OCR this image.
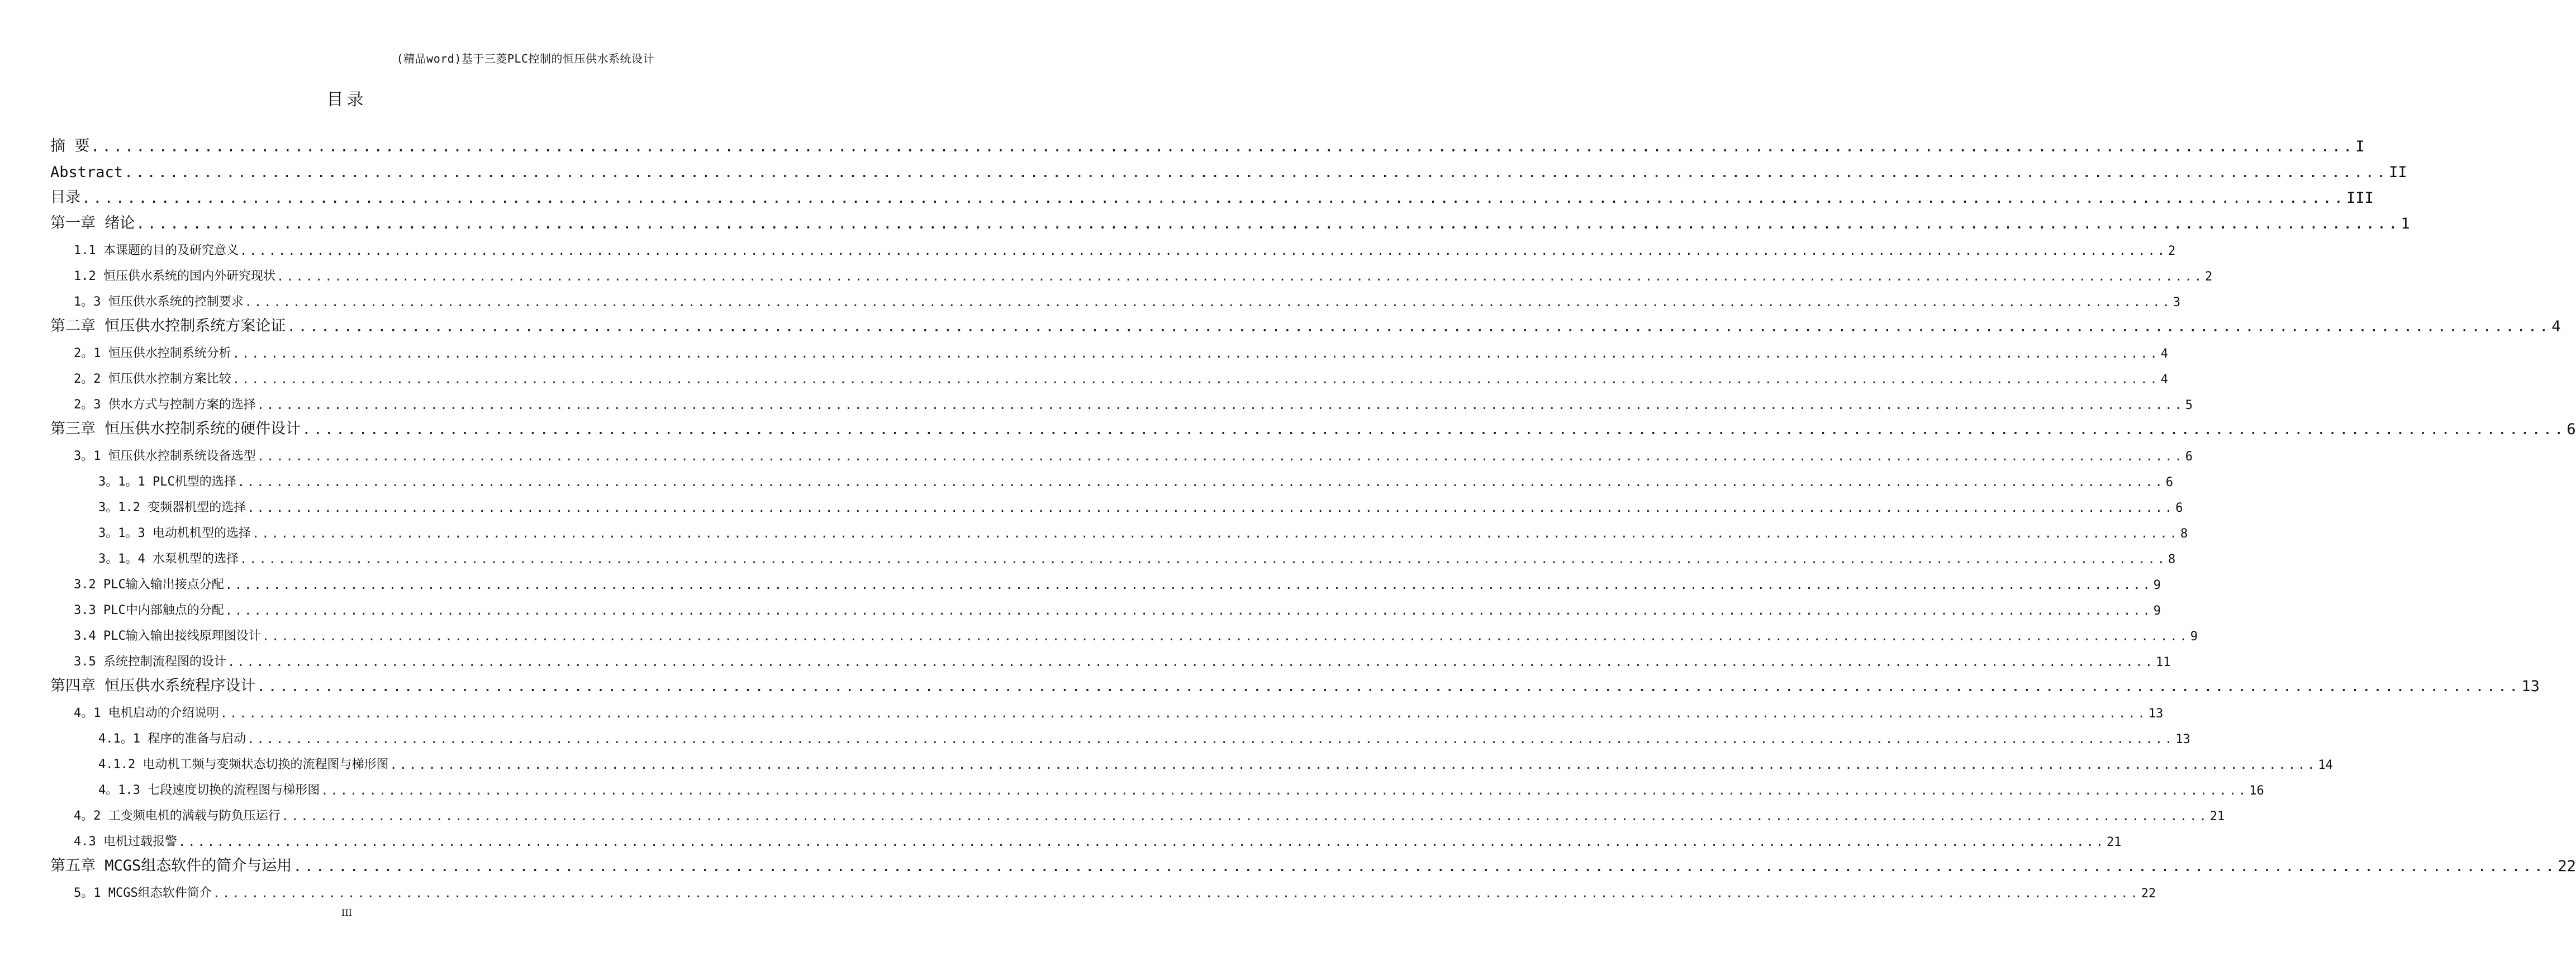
(精品word)基于三菱PLC控制的恒压供水系统设计
目录
摘 要 ........................................................................................................................................................................................................ I
Abstract ........................................................................................................................................................................................................ II
目录 ........................................................................................................................................................................................................ III
第一章 绪论 ........................................................................................................................................................................................................ 1
1.1 本课题的目的及研究意义 ........................................................................................................................................................................................................ 2
1.2 恒压供水系统的国内外研究现状 ........................................................................................................................................................................................................ 2
1。3 恒压供水系统的控制要求 ........................................................................................................................................................................................................ 3
第二章 恒压供水控制系统方案论证 ........................................................................................................................................................................................................ 4
2。1 恒压供水控制系统分析 ........................................................................................................................................................................................................ 4
2。2 恒压供水控制方案比较 ........................................................................................................................................................................................................ 4
2。3 供水方式与控制方案的选择 ........................................................................................................................................................................................................ 5
第三章 恒压供水控制系统的硬件设计 ........................................................................................................................................................................................................ 6
3。1 恒压供水控制系统设备选型 ........................................................................................................................................................................................................ 6
3。1。1 PLC机型的选择 ........................................................................................................................................................................................................ 6
3。1.2 变频器机型的选择 ........................................................................................................................................................................................................ 6
3。1。3 电动机机型的选择 ........................................................................................................................................................................................................ 8
3。1。4 水泵机型的选择 ........................................................................................................................................................................................................ 8
3.2 PLC输入输出接点分配 ........................................................................................................................................................................................................ 9
3.3 PLC中内部触点的分配 ........................................................................................................................................................................................................ 9
3.4 PLC输入输出接线原理图设计 ........................................................................................................................................................................................................ 9
3.5 系统控制流程图的设计 ........................................................................................................................................................................................................ 11
第四章 恒压供水系统程序设计 ........................................................................................................................................................................................................ 13
4。1 电机启动的介绍说明 ........................................................................................................................................................................................................ 13
4.1。1 程序的准备与启动 ........................................................................................................................................................................................................ 13
4.1.2 电动机工频与变频状态切换的流程图与梯形图 ........................................................................................................................................................................................................ 14
4。1.3 七段速度切换的流程图与梯形图 ........................................................................................................................................................................................................ 16
4。2 工变频电机的满载与防负压运行 ........................................................................................................................................................................................................ 21
4.3 电机过载报警 ........................................................................................................................................................................................................ 21
第五章 MCGS组态软件的简介与运用 ........................................................................................................................................................................................................ 22
5。1 MCGS组态软件简介 ........................................................................................................................................................................................................ 22
III
